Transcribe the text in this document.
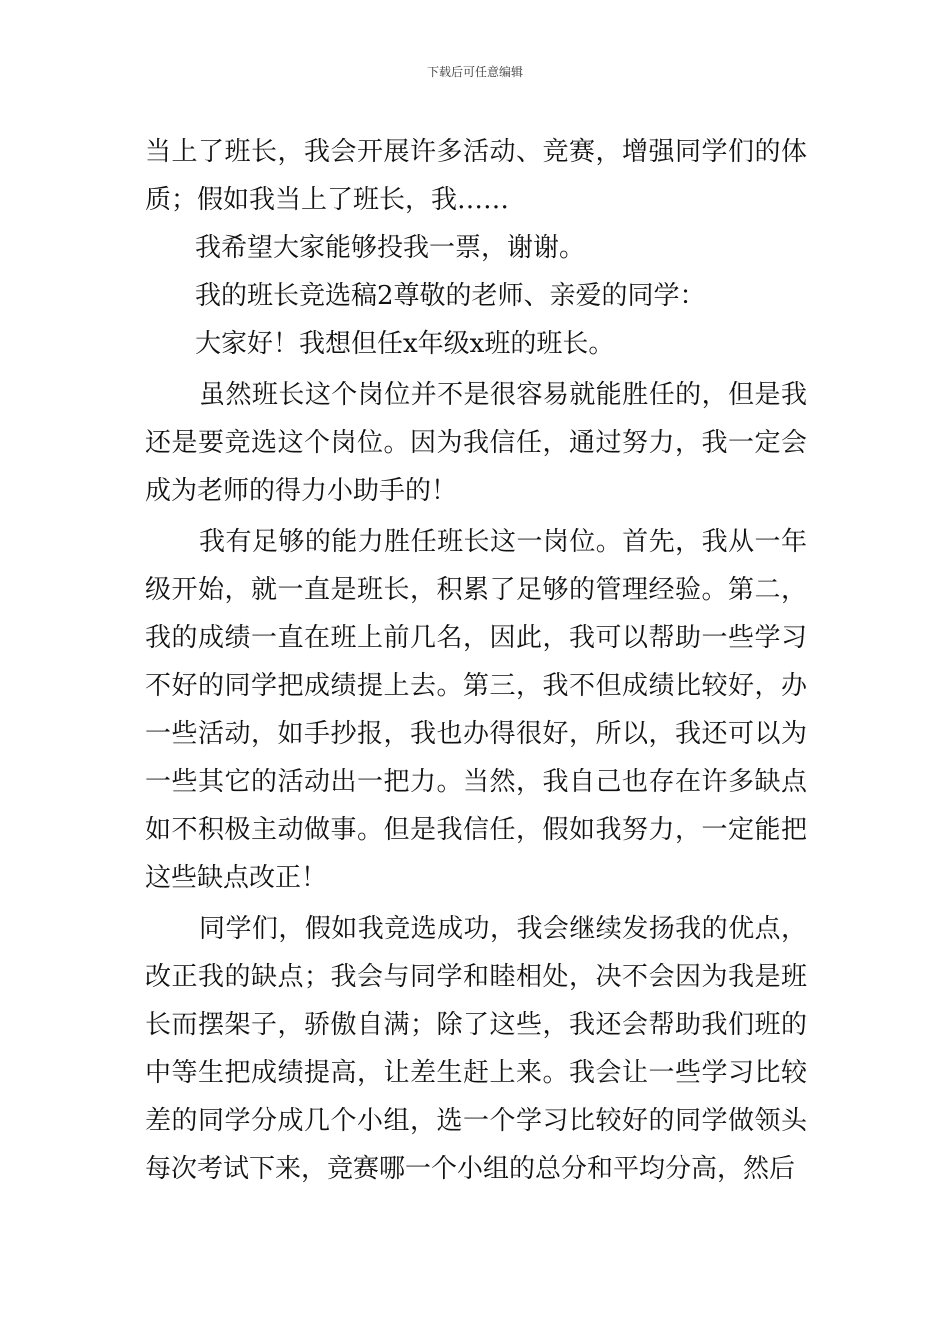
下载后可任意编辑

当上了班长，我会开展许多活动、竞赛，增强同学们的体质；假如我当上了班长，我……

我希望大家能够投我一票，谢谢。

我的班长竞选稿2尊敬的老师、亲爱的同学：

大家好！我想但任x年级x班的班长。

虽然班长这个岗位并不是很容易就能胜任的，但是我还是要竞选这个岗位。因为我信任，通过努力，我一定会成为老师的得力小助手的！

我有足够的能力胜任班长这一岗位。首先，我从一年级开始，就一直是班长，积累了足够的管理经验。第二，我的成绩一直在班上前几名，因此，我可以帮助一些学习不好的同学把成绩提上去。第三，我不但成绩比较好，办一些活动，如手抄报，我也办得很好，所以，我还可以为一些其它的活动出一把力。当然，我自己也存在许多缺点如不积极主动做事。但是我信任，假如我努力，一定能把这些缺点改正！

同学们，假如我竞选成功，我会继续发扬我的优点，改正我的缺点；我会与同学和睦相处，决不会因为我是班长而摆架子，骄傲自满；除了这些，我还会帮助我们班的中等生把成绩提高，让差生赶上来。我会让一些学习比较差的同学分成几个小组，选一个学习比较好的同学做领头每次考试下来，竞赛哪一个小组的总分和平均分高，然后
